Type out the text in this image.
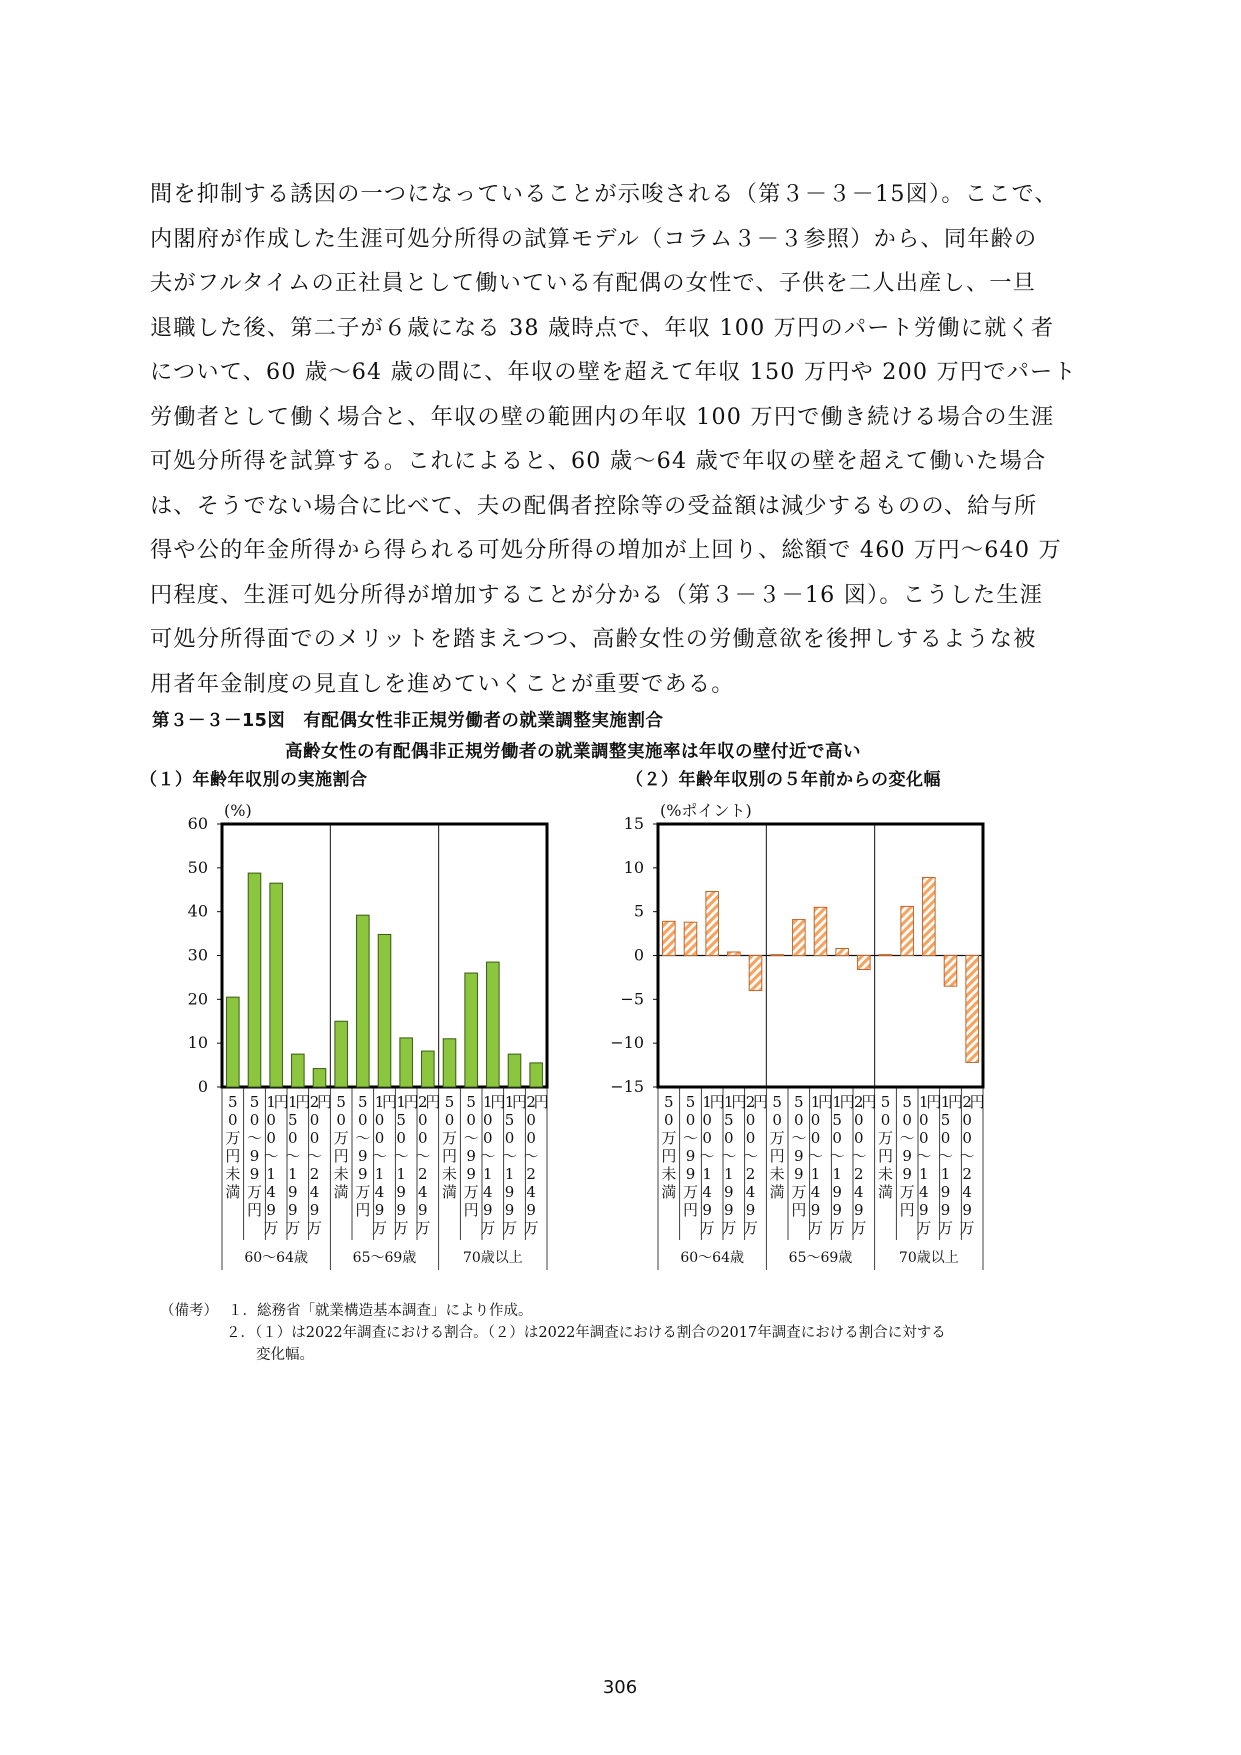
間を抑制する誘因の一つになっていることが示唆される（第３－３－15図）。ここで、

内閣府が作成した生涯可処分所得の試算モデル（コラム３－３参照）から、同年齢の

夫がフルタイムの正社員として働いている有配偶の女性で、子供を二人出産し、一旦

退職した後、第二子が６歳になる 38 歳時点で、年収 100 万円のパート労働に就く者

について、60 歳～64 歳の間に、年収の壁を超えて年収 150 万円や 200 万円でパート

労働者として働く場合と、年収の壁の範囲内の年収 100 万円で働き続ける場合の生涯

可処分所得を試算する。これによると、60 歳～64 歳で年収の壁を超えて働いた場合

は、そうでない場合に比べて、夫の配偶者控除等の受益額は減少するものの、給与所

得や公的年金所得から得られる可処分所得の増加が上回り、総額で 460 万円～640 万

円程度、生涯可処分所得が増加することが分かる（第３－３－16 図）。こうした生涯

可処分所得面でのメリットを踏まえつつ、高齢女性の労働意欲を後押しするような被

用者年金制度の見直しを進めていくことが重要である。

第３－３－15図　有配偶女性非正規労働者の就業調整実施割合
高齢女性の有配偶非正規労働者の就業調整実施率は年収の壁付近で高い
（１）年齢年収別の実施割合	（２）年齢年収別の５年前からの変化幅
(%)
0
10
20
30
40
50
60
5 0 万円未満
5 0 ～ 9 9 万円
1 0 0 ～ 1 4 9 万円 1 5 0 ～ 1 9 9 万円 2 0 0 ～ 2 4 9 万円 5 0 万円未満
5 0 ～ 9 9 万円
1 0 0 ～ 1 4 9 万円 1 5 0 ～ 1 9 9 万円 2 0 0 ～ 2 4 9 万円 5 0 万円未満
5 0 ～ 9 9 万円
1 0 0 ～ 1 4 9 万円 1 5 0 ～ 1 9 9 万円 2 0 0 ～ 2 4 9 万円
60～64歳	65～69歳	70歳以上
(%ポイント)
−15
−10
−5
0
5
10
15
5 0 万円未満
5 0 ～ 9 9 万円
1 0 0 ～ 1 4 9 万円 1 5 0 ～ 1 9 9 万円 2 0 0 ～ 2 4 9 万円 5 0 万円未満
5 0 ～ 9 9 万円
1 0 0 ～ 1 4 9 万円 1 5 0 ～ 1 9 9 万円 2 0 0 ～ 2 4 9 万円 5 0 万円未満
5 0 ～ 9 9 万円
1 0 0 ～ 1 4 9 万円 1 5 0 ～ 1 9 9 万円 2 0 0 ～ 2 4 9 万円
60～64歳	65～69歳	70歳以上
（備考） １．総務省「就業構造基本調査」により作成。
２．（１）は2022年調査における割合。（２）は2022年調査における割合の2017年調査における割合に対する
変化幅。
306
